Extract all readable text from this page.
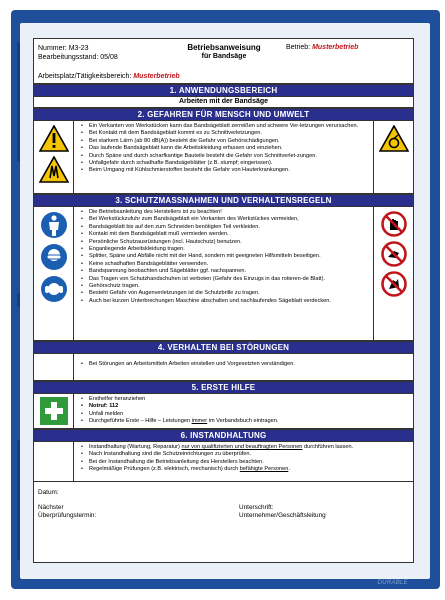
DURABLE
Nummer: M3-23
Bearbeitungsstand: 05/08
Betriebsanweisung
für Bandsäge
Betrieb: Musterbetrieb
Arbeitsplatz/Tätigkeitsbereich: Musterbetrieb
1. ANWENDUNGSBEREICH
Arbeiten mit der Bandsäge
2. GEFAHREN FÜR MENSCH UND UMWELT
• Ein Verkanten von Werkstücken kann das Bandsägeblatt zerreißen und schwere Ver-letzungen verursachen.
• Bei Kontakt mit dem Bandsägeblatt kommt es zu Schnittverletzungen.
• Bei starkem Lärm (ab 80 dB(A)) besteht die Gefahr von Gehörschädigungen.
• Das laufende Bandsägeblatt kann die Arbeitskleidung erfassen und einziehen.
• Durch Späne und durch scharfkantige Bauteile besteht die Gefahr von Schnittverlet-zungen.
• Unfallgefahr durch schadhafte Bandsägeblätter (z.B. stumpf; eingerissen).
• Beim Umgang mit Kühlschmierstoffen besteht die Gefahr von Hauterkrankungen.
3. SCHUTZMASSNAHMEN UND VERHALTENSREGELN
• Die Betriebsanleitung des Herstellers ist zu beachten!
• Bei Werkstückzufuhr zum Bandsägeblatt ein Verkanten des Werkstückes vermeiden,
• Bandsägeblatt bis auf den zum Schneiden benötigten Teil verkleiden.
• Kontakt mit dem Bandsägeblatt muß vermieden werden.
• Persönliche Schutzausrüstungen (incl. Hautschutz) benutzen.
• Enganliegende Arbeitskleidung tragen.
• Splitter, Späne und Abfälle nicht mit der Hand, sondern mit geeigneten Hilfsmitteln beseitigen.
• Keine schadhaften Bandsägeblätter verwenden.
• Bandspannung beobachten und Sägeblätter ggf. nachspannen.
• Das Tragen von Schutzhandschuhen ist verboten (Gefahr des Einzugs in das rotieren-de Blatt).
• Gehörschutz tragen.
• Besteht Gefahr von Augenverletzungen ist die Schutzbrille zu tragen.
• Auch bei kurzen Unterbrechungen Maschine abschalten und nachlaufendes Sägeblatt verdecken.
4. VERHALTEN BEI STÖRUNGEN
• Bei Störungen an Arbeitsmitteln Arbeiten einstellen und Vorgesetzten verständigen.
5. ERSTE HILFE
• Ersthelfer heranziehen
• Notruf: 112
• Unfall melden
• Durchgeführte Erste – Hilfe – Leistungen immer im Verbandsbuch eintragen.
6. INSTANDHALTUNG
• Instandhaltung (Wartung, Reparatur) nur von qualifizierten und beauftragten Personen durchführen lassen.
• Nach Instandhaltung sind die Schutzeinrichtungen zu überprüfen.
• Bei der Instandhaltung die Betriebsanleitung des Herstellers beachten.
• Regelmäßige Prüfungen (z.B. elektrisch, mechanisch) durch befähigte Personen.
Datum:
Nächster
Überprüfungstermin:
Unterschrift:
Unternehmer/Geschäftsleitung
